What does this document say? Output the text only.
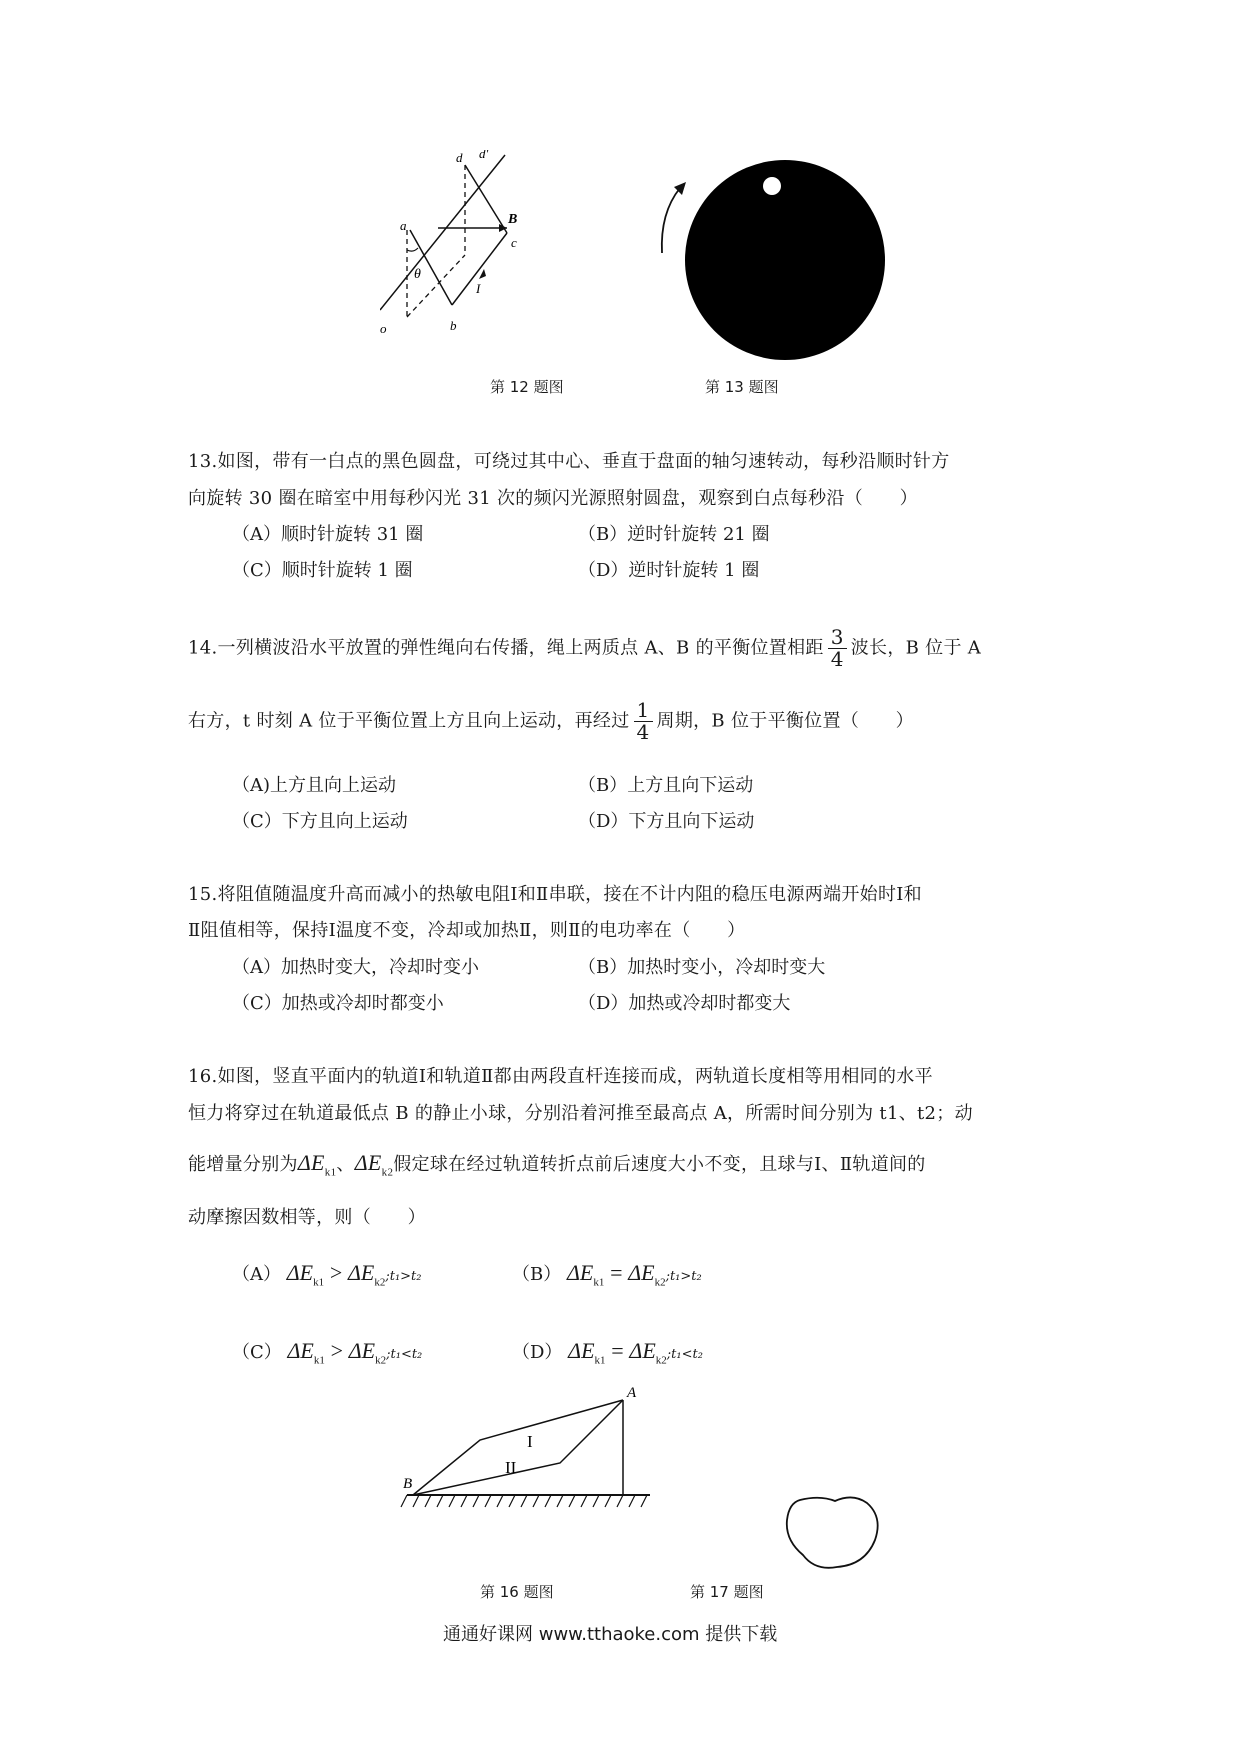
d d'
a	B
c
θ
o
I
b
第 12 题图	第 13 题图
13.如图，带有一白点的黑色圆盘，可绕过其中心、垂直于盘面的轴匀速转动，每秒沿顺时针方
向旋转 30 圈在暗室中用每秒闪光 31 次的频闪光源照射圆盘，观察到白点每秒沿（　　）
（A）顺时针旋转 31 圈	（B）逆时针旋转 21 圈
（C）顺时针旋转 1 圈	（D）逆时针旋转 1 圈
14.一列横波沿水平放置的弹性绳向右传播，绳上两质点 A、B 的平衡位置相距 $\frac{3}{4}$ 波长，B 位于 A
右方，t 时刻 A 位于平衡位置上方且向上运动，再经过 $\frac{1}{4}$ 周期，B 位于平衡位置（　　）
（A)上方且向上运动	（B）上方且向下运动
（C）下方且向上运动	（D）下方且向下运动
15.将阻值随温度升高而减小的热敏电阻Ⅰ和Ⅱ串联，接在不计内阻的稳压电源两端开始时Ⅰ和
Ⅱ阻值相等，保持Ⅰ温度不变，冷却或加热Ⅱ，则Ⅱ的电功率在（　　）
（A）加热时变大，冷却时变小	（B）加热时变小，冷却时变大
（C）加热或冷却时都变小	（D）加热或冷却时都变大
16.如图，竖直平面内的轨道Ⅰ和轨道Ⅱ都由两段直杆连接而成，两轨道长度相等用相同的水平
恒力将穿过在轨道最低点 B 的静止小球，分别沿着河推至最高点 A，所需时间分别为 t1、t2；动
能增量分别为$\Delta E_{k1}$、$\Delta E_{k2}$假定球在经过轨道转折点前后速度大小不变，且球与Ⅰ、Ⅱ轨道间的
动摩擦因数相等，则（　　）
（A） $\Delta E_{k1}$ > $\Delta E_{k2};t_1>t_2$	（B） $\Delta E_{k1}$ = $\Delta E_{k2};t_1>t_2$
（C） $\Delta E_{k1}$ > $\Delta E_{k2};t_1<t_2$	（D） $\Delta E_{k1}$ = $\Delta E_{k2};t_1<t_2$
A
B
I
II
第 16 题图	第 17 题图
通通好课网 www.tthaoke.com 提供下载
